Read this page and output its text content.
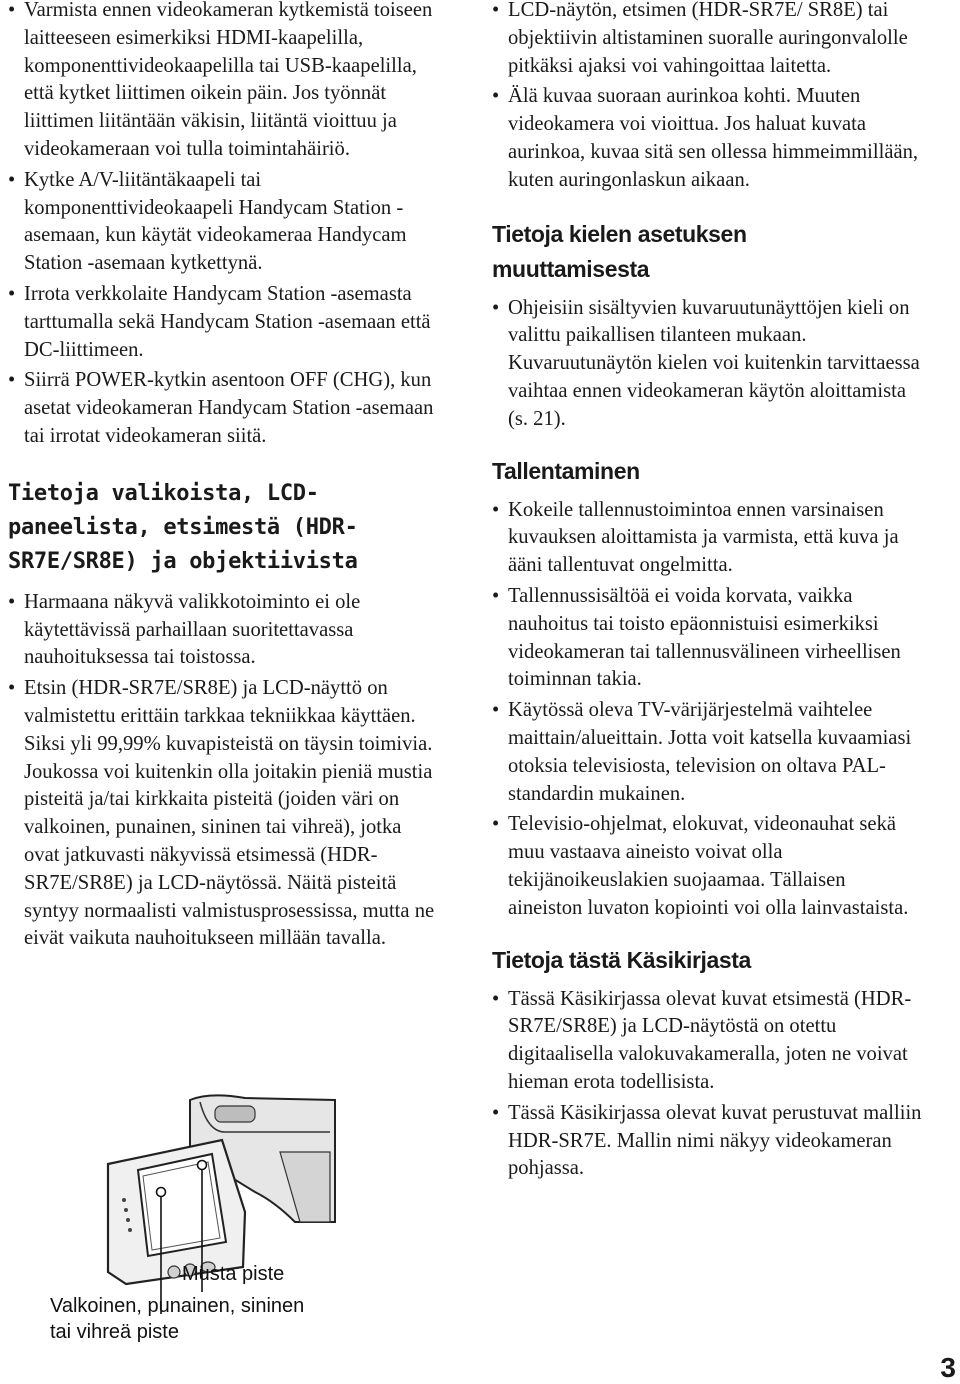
• Varmista ennen videokameran kytkemistä toiseen laitteeseen esimerkiksi HDMI-kaapelilla, komponenttivideokaapelilla tai USB-kaapelilla, että kytket liittimen oikein päin. Jos työnnät liittimen liitäntään väkisin, liitäntä vioittuu ja videokameraan voi tulla toimintahäiriö.
• Kytke A/V-liitäntäkaapeli tai komponenttivideokaapeli Handycam Station -asemaan, kun käytät videokameraa Handycam Station -asemaan kytkettynä.
• Irrota verkkolaite Handycam Station -asemasta tarttumalla sekä Handycam Station -asemaan että DC-liittimeen.
• Siirrä POWER-kytkin asentoon OFF (CHG), kun asetat videokameran Handycam Station -asemaan tai irrotat videokameran siitä.
Tietoja valikoista, LCD-paneelista, etsimestä (HDR-SR7E/SR8E) ja objektiivista
• Harmaana näkyvä valikkotoiminto ei ole käytettävissä parhaillaan suoritettavassa nauhoituksessa tai toistossa.
• Etsin (HDR-SR7E/SR8E) ja LCD-näyttö on valmistettu erittäin tarkkaa tekniikkaa käyttäen. Siksi yli 99,99% kuvapisteistä on täysin toimivia. Joukossa voi kuitenkin olla joitakin pieniä mustia pisteitä ja/tai kirkkaita pisteitä (joiden väri on valkoinen, punainen, sininen tai vihreä), jotka ovat jatkuvasti näkyvissä etsimessä (HDR-SR7E/SR8E) ja LCD-näytössä. Näitä pisteitä syntyy normaalisti valmistusprosessissa, mutta ne eivät vaikuta nauhoitukseen millään tavalla.
Musta piste
Valkoinen, punainen, sininen
tai vihreä piste
• LCD-näytön, etsimen (HDR-SR7E/ SR8E) tai objektiivin altistaminen suoralle auringonvalolle pitkäksi ajaksi voi vahingoittaa laitetta.
• Älä kuvaa suoraan aurinkoa kohti. Muuten videokamera voi vioittua. Jos haluat kuvata aurinkoa, kuvaa sitä sen ollessa himmeimmillään, kuten auringonlaskun aikaan.
Tietoja kielen asetuksen muuttamisesta
• Ohjeisiin sisältyvien kuvaruutunäyttöjen kieli on valittu paikallisen tilanteen mukaan. Kuvaruutunäytön kielen voi kuitenkin tarvittaessa vaihtaa ennen videokameran käytön aloittamista (s. 21).
Tallentaminen
• Kokeile tallennustoimintoa ennen varsinaisen kuvauksen aloittamista ja varmista, että kuva ja ääni tallentuvat ongelmitta.
• Tallennussisältöä ei voida korvata, vaikka nauhoitus tai toisto epäonnistuisi esimerkiksi videokameran tai tallennusvälineen virheellisen toiminnan takia.
• Käytössä oleva TV-värijärjestelmä vaihtelee maittain/alueittain. Jotta voit katsella kuvaamiasi otoksia televisiosta, television on oltava PAL-standardin mukainen.
• Televisio-ohjelmat, elokuvat, videonauhat sekä muu vastaava aineisto voivat olla tekijänoikeuslakien suojaamaa. Tällaisen aineiston luvaton kopiointi voi olla lainvastaista.
Tietoja tästä Käsikirjasta
• Tässä Käsikirjassa olevat kuvat etsimestä (HDR-SR7E/SR8E) ja LCD-näytöstä on otettu digitaalisella valokuvakameralla, joten ne voivat hieman erota todellisista.
• Tässä Käsikirjassa olevat kuvat perustuvat malliin HDR-SR7E. Mallin nimi näkyy videokameran pohjassa.
3
